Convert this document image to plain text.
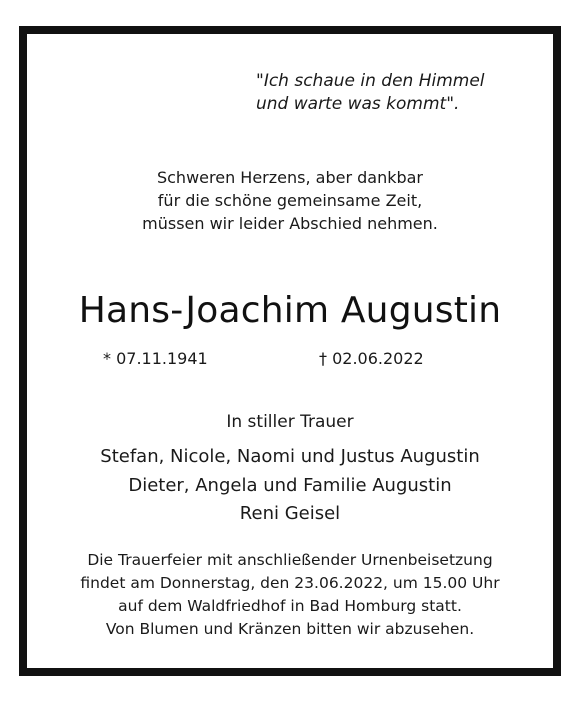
"Ich schaue in den Himmel
und warte was kommt".
Schweren Herzens, aber dankbar
für die schöne gemeinsame Zeit,
müssen wir leider Abschied nehmen.
Hans-Joachim Augustin
* 07.11.1941	† 02.06.2022
In stiller Trauer
Stefan, Nicole, Naomi und Justus Augustin
Dieter, Angela und Familie Augustin
Reni Geisel
Die Trauerfeier mit anschließender Urnenbeisetzung
findet am Donnerstag, den 23.06.2022, um 15.00 Uhr
auf dem Waldfriedhof in Bad Homburg statt.
Von Blumen und Kränzen bitten wir abzusehen.
